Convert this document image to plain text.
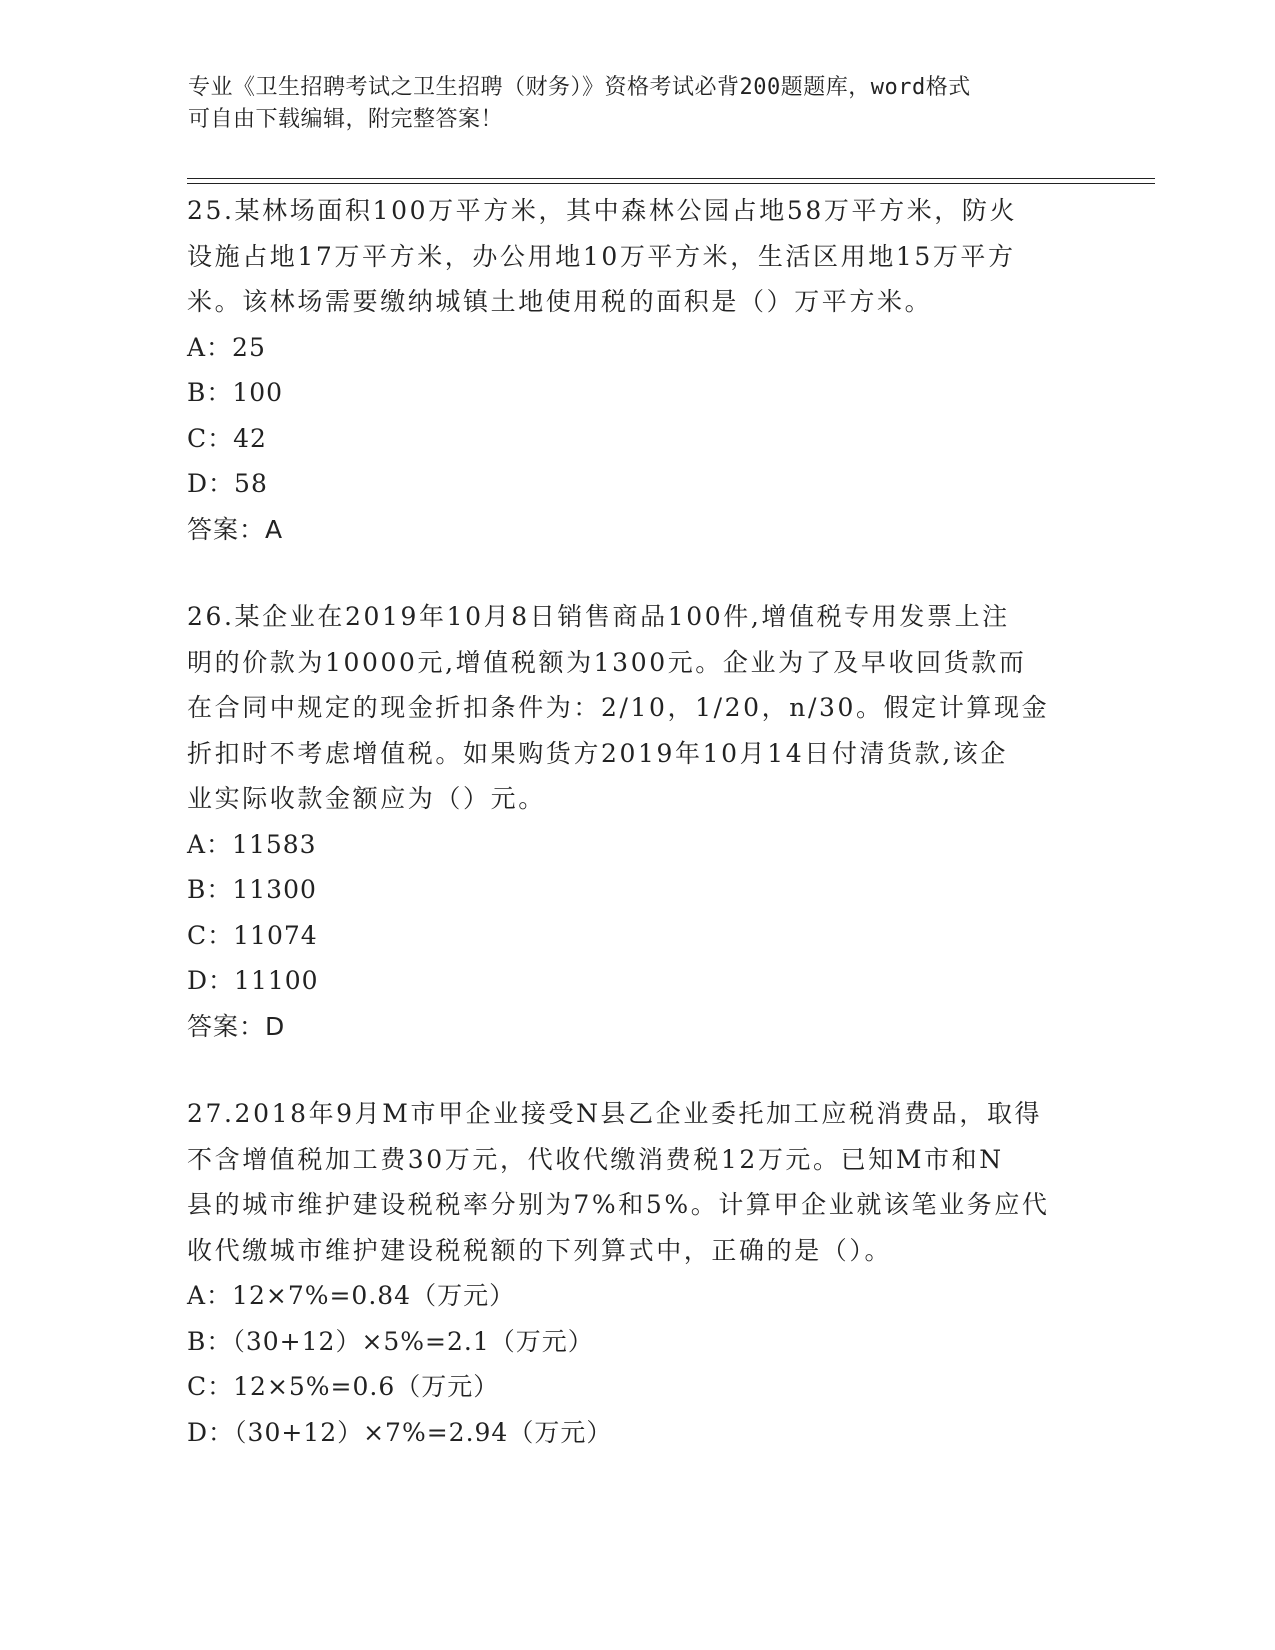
专业《卫生招聘考试之卫生招聘（财务）》资格考试必背200题题库，word格式
可自由下载编辑，附完整答案！
25.某林场面积100万平方米，其中森林公园占地58万平方米，防火
设施占地17万平方米，办公用地10万平方米，生活区用地15万平方
米。该林场需要缴纳城镇土地使用税的面积是（）万平方米。
A：25
B：100
C：42
D：58
答案：A
26.某企业在2019年10月8日销售商品100件,增值税专用发票上注
明的价款为10000元,增值税额为1300元。企业为了及早收回货款而
在合同中规定的现金折扣条件为：2/10，1/20，n/30。假定计算现金
折扣时不考虑增值税。如果购货方2019年10月14日付清货款,该企
业实际收款金额应为（）元。
A：11583
B：11300
C：11074
D：11100
答案：D
27.2018年9月M市甲企业接受N县乙企业委托加工应税消费品，取得
不含增值税加工费30万元，代收代缴消费税12万元。已知M市和N
县的城市维护建设税税率分别为7%和5%。计算甲企业就该笔业务应代
收代缴城市维护建设税税额的下列算式中，正确的是（）。
A：12×7%=0.84（万元）
B：（30+12）×5%=2.1（万元）
C：12×5%=0.6（万元）
D：（30+12）×7%=2.94（万元）
